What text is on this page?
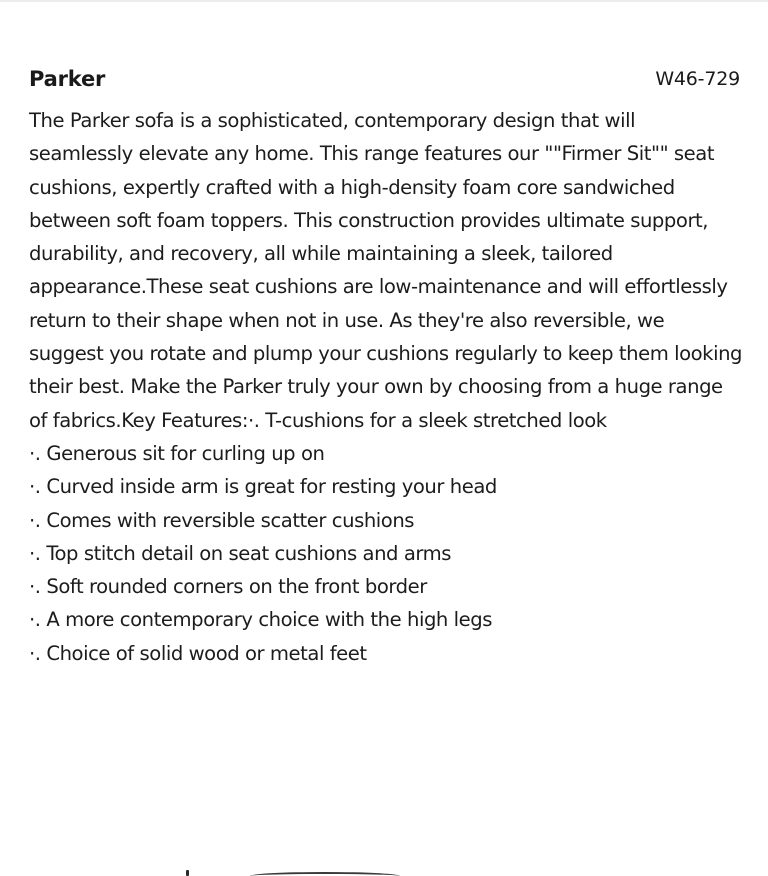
Parker	W46-729

The Parker sofa is a sophisticated, contemporary design that will seamlessly elevate any home. This range features our ""Firmer Sit"" seat cushions, expertly crafted with a high-density foam core sandwiched between soft foam toppers. This construction provides ultimate support, durability, and recovery, all while maintaining a sleek, tailored appearance.These seat cushions are low-maintenance and will effortlessly return to their shape when not in use. As they're also reversible, we suggest you rotate and plump your cushions regularly to keep them looking their best. Make the Parker truly your own by choosing from a huge range of fabrics.Key Features:·. T-cushions for a sleek stretched look

·. Generous sit for curling up on
·. Curved inside arm is great for resting your head
·. Comes with reversible scatter cushions
·. Top stitch detail on seat cushions and arms
·. Soft rounded corners on the front border
·. A more contemporary choice with the high legs
·. Choice of solid wood or metal feet
